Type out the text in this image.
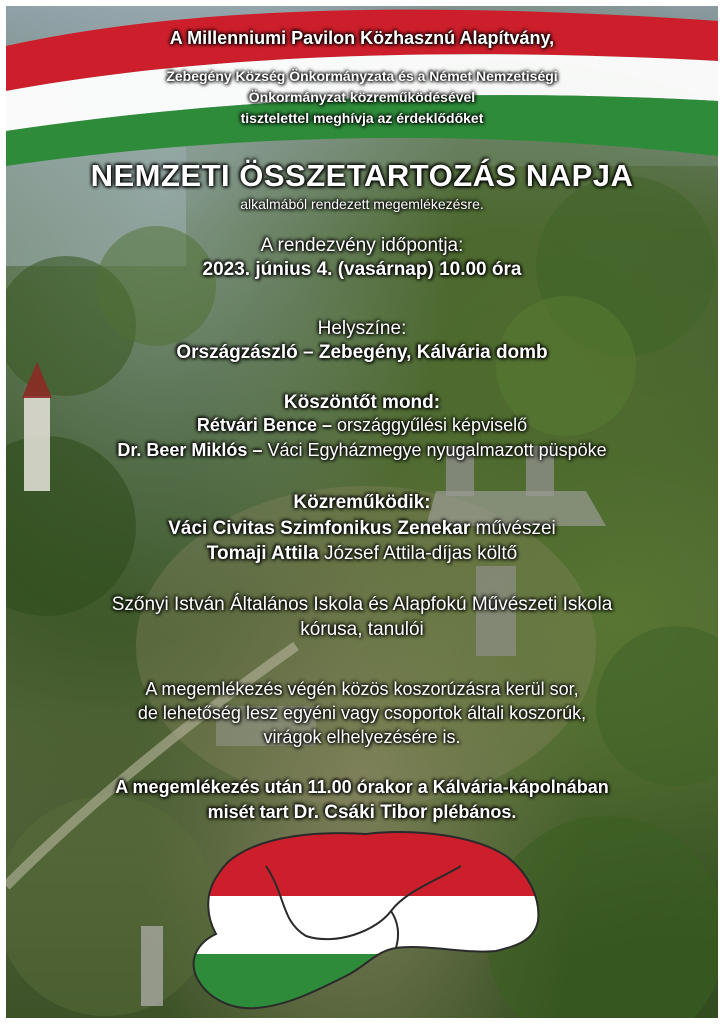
A Millenniumi Pavilon Közhasznú Alapítvány,
Zebegény Község Önkormányzata és a Német Nemzetiségi
Önkormányzat közreműködésével
tisztelettel meghívja az érdeklődőket
NEMZETI ÖSSZETARTOZÁS NAPJA
alkalmából rendezett megemlékezésre.
A rendezvény időpontja:
2023. június 4. (vasárnap) 10.00 óra
Helyszíne:
Országzászló – Zebegény, Kálvária domb
Köszöntőt mond:
Rétvári Bence – országgyűlési képviselő
Dr. Beer Miklós – Váci Egyházmegye nyugalmazott püspöke
Közreműködik:
Váci Civitas Szimfonikus Zenekar művészei
Tomaji Attila József Attila-díjas költő
Szőnyi István Általános Iskola és Alapfokú Művészeti Iskola
kórusa, tanulói
A megemlékezés végén közös koszorúzásra kerül sor,
de lehetőség lesz egyéni vagy csoportok általi koszorúk,
virágok elhelyezésére is.
A megemlékezés után 11.00 órakor a Kálvária-kápolnában
misét tart Dr. Csáki Tibor plébános.
